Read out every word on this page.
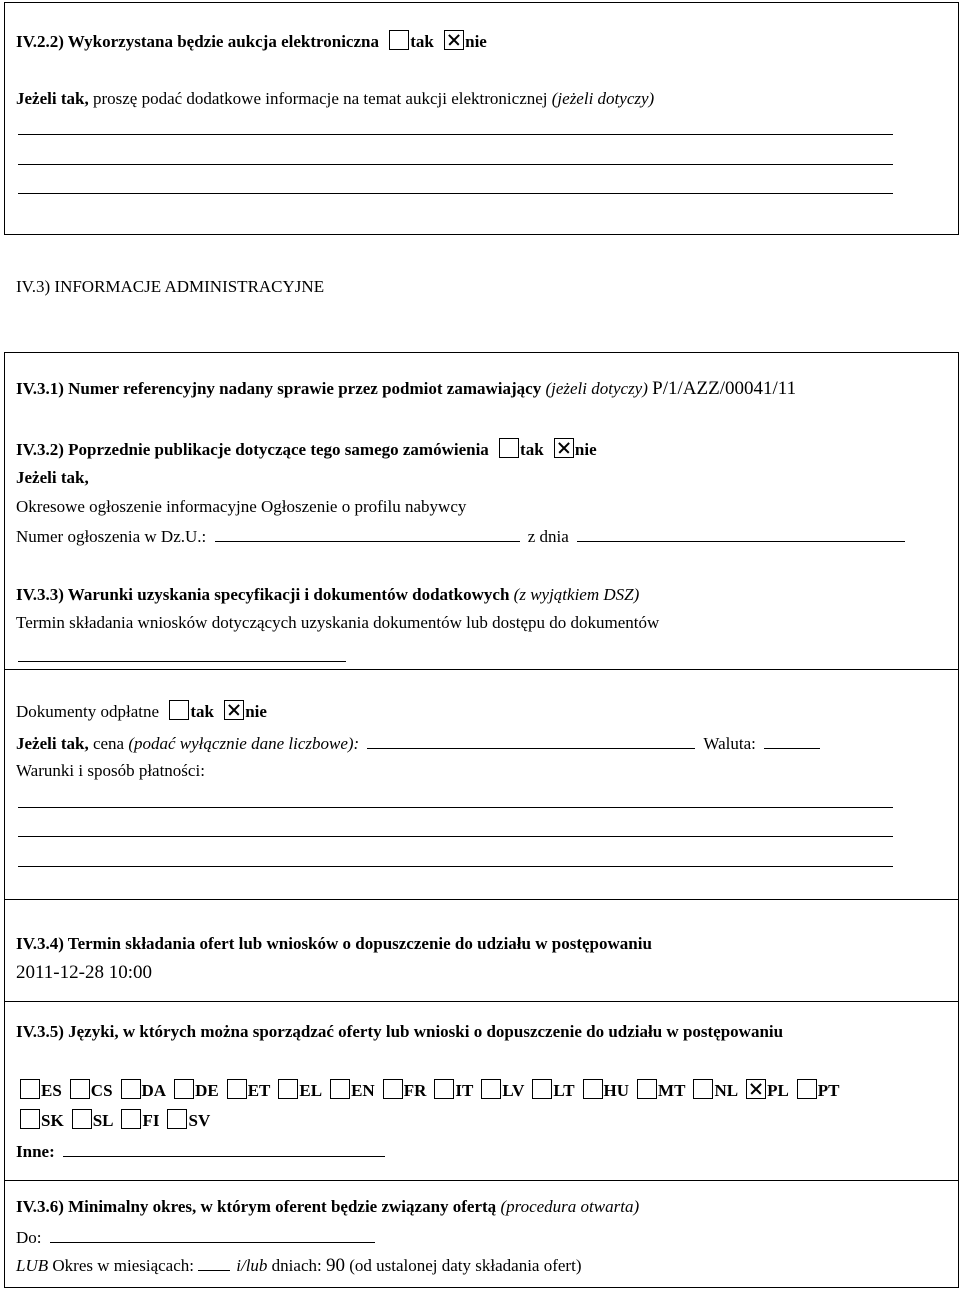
IV.2.2) Wykorzystana będzie aukcja elektroniczna tak nie
Jeżeli tak, proszę podać dodatkowe informacje na temat aukcji elektronicznej (jeżeli dotyczy)
IV.3) INFORMACJE ADMINISTRACYJNE
IV.3.1) Numer referencyjny nadany sprawie przez podmiot zamawiający (jeżeli dotyczy) P/1/AZZ/00041/11
IV.3.2) Poprzednie publikacje dotyczące tego samego zamówienia tak nie
Jeżeli tak,
Okresowe ogłoszenie informacyjne Ogłoszenie o profilu nabywcy
Numer ogłoszenia w Dz.U.:	z dnia
IV.3.3) Warunki uzyskania specyfikacji i dokumentów dodatkowych (z wyjątkiem DSZ)
Termin składania wniosków dotyczących uzyskania dokumentów lub dostępu do dokumentów
Dokumenty odpłatne tak nie
Jeżeli tak, cena (podać wyłącznie dane liczbowe):	Waluta:
Warunki i sposób płatności:
IV.3.4) Termin składania ofert lub wniosków o dopuszczenie do udziału w postępowaniu
2011-12-28 10:00
IV.3.5) Języki, w których można sporządzać oferty lub wnioski o dopuszczenie do udziału w postępowaniu
ES CS DA DE ET EL EN FR IT LV LT HU MT NL PL PT
SK SL FI SV
Inne:
IV.3.6) Minimalny okres, w którym oferent będzie związany ofertą (procedura otwarta)
Do:
LUB Okres w miesiącach: i/lub dniach: 90 (od ustalonej daty składania ofert)
